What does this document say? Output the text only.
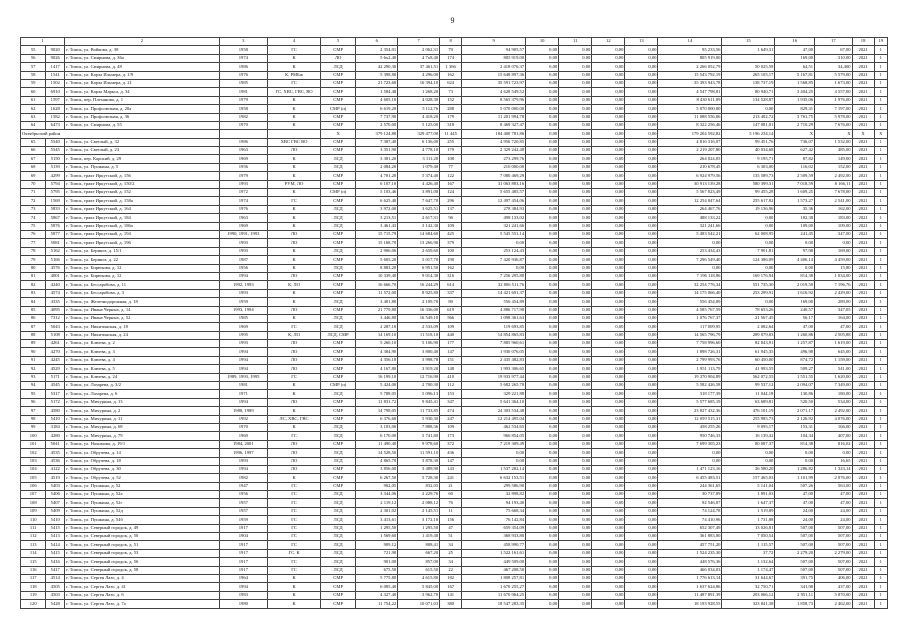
9
1		2	3	4	5	6	7	8	9	10	11	12	13	14	15	16	17	18	19
55	9020	г. Томск, ул. Войкова, д. 38	1958	ГС	СМР	2 354,01	2 062,31	79	94 905,57	0,00	0,00	0,00	0,00	95 233,56	1 649,31	47,00	67,00	2021	1
56	9026	г. Томск, ул. Смирнова, д. 36а	1974	К	ЛО	5 6х2,40	4 7х8,40	174	805 919,00	0,00	0,00	0,00	0,00	805 919,00		169,00	310,00	2021	1
57	1417	г. Томск, ул. Смирнова, д. 48	1986	К	ЛСД	42 290,30	37 461,51	1 366	2 418 076,37	0,00	0,00	0,00	0,00	2 266 052,79	50 025,58	64,51	34,400	2021	1
58	1541	г. Томск, ул. Карла Ильмера, д. 1/9	1976	К, РМБж	СМР	5 398,80	4 296,00	162	15 648 897,36	0,00	0,00	0,00	0,00	15 543 792,19	265 105,17	5 167,81	5 579,00	2021	1
59	1502	г. Томск, ул. Карла Ильмера, д. 21	1985	ГС	СМР	21 723,60	16 394,10	624	35 591 723,97	0,00	0,00	0,00	0,00	35 393 943,78	138 737,19	1 568,85	1 673,00	2021	1
60	6910	г. Томск, ул. Карла Маркса, д. 34	1981	ГС, ХВС, ГВС, ВО	СМР	1 584,48	1 268,20	73	4 628 549,52	0,00	0,00	0,00	0,00	4 547 798,81	80 940,71	3 404,25	4 557,00	2021	1
61	1597	г. Томск, пер. Плеханова, д. 1	1979	К	СМР	4 605,10	4 028,30	152	8 565 379,96	0,00	0,00	0,00	0,00	8 430 611,09	134 528,87	1 935,06	1 976,00	2021	1
62	1628	г. Томск, ул. Профсоюзная, д. 20а	1958	К	СМР (п)	6 619,20	5 112,76	288	5 070 000,00	0,00	0,00	0,00	0,00	5 070 000,00	0,00	829,31	7 197,00	2021	1
63	1582	г. Томск, ул. Профсоюзная, д. 36	1982	К	СМР	7 737,90	4 418,20	179	11 201 994,78	0,00	0,00	0,00	0,00	11 088 556,06	213 402,72	3 761,75	5 978,00	2021	1
64	6473	г. Томск, ул. Смирнова, д. 55	1970	К	СМР	2 570,00	5 125,00	318	8 469 327,47	0,00	0,00	0,00	0,00	8 322 256,46	147 081,01	2 710,29	7 676,00	2021	1
Октябрьский район					Х	379 124,80	329 477,00	11 445	184 400 781,86	0,00	0,00	0,00	0,00	179 204 592,82	5 196 234,14	X	X	X	X
65	5540	г. Томск, ул. Светлый, д. 32	1986	ХВС ГВС ВО	СМР	7 387,40	6 136,00	255	4 956 720,85	0,00	0,00	0,00	0,00	4 816 316,07	99 451,76	736,07	1 532,00	2021	1
66	5545	г. Томск, ул. Светлый, д. 23	1963	ЛО	СМР	3 351,90	4 778,10	179	2 329 242,48	0,00	0,00	0,00	0,00	2 219 207,80	40 034,68	627,42	485,00	2021	1
67	5150	г. Томск, пер. Карский, д. 29	1969	К	ЛСД	3 381,20	3 111,20	108	273 299,76	0,00	0,00	0,00	0,00	264 024,05	9 195,71	87,82	149,00	2021	1
68	5139	г. Томск, ул. Пушкина, д. 5	1956	К	ЛСД	2 084,20	1 079,40	77	210 000,00	0,00	0,00	0,00	0,00	210 678,45	6 303,00	116,02	152,00	2021	1
69	4299	г. Томск, тракт Иркутский, д. 156	1979	К	СМР	4 701,20	5 374,40	122	7 080 469,29	0,00	0,00	0,00	0,00	6 924 979,56	135 589,73	2 509,59	2 492,00	2021	1
70	5794	г. Томск, тракт Иркутский, д. 150/2	1993	РУМ, ЛО	СМР	6 107,10	4 426,40	167	31 063 883,16	0,00	0,00	0,00	0,00	30 913 139,28	580 399,31	7 018,59	8 166,11	2021	1
71	5795	г. Томск, тракт Иркутский, д. 152	1972	К	СМР (п)	5 103,46	3 891,00	124	5 655 485,57	0,00	0,00	0,00	0,00	5 567 823,49	99 455,28	1 609,25	7 678,00	2021	1
72	1569	г. Томск, тракт Иркутский, д. 158а	1974	ГС	СМР	6 625,40	7 647,70	296	12 497 454,06	0,00	0,00	0,00	0,00	12 254 847,64	255 617,82	1 573,27	2 541,00	2021	1
73	5833	г. Томск, тракт Иркутский, д. 164	1976	К	ЛСД	3 972,00	3 625,51	137	278 384,93	0,00	0,00	0,00	0,00	264 467,76	19 136,96	35,36	162,00	2021	1
74	5867	г. Томск, тракт Иркутский, д. 184	1963	К	ЛСД	3 213,51	2 617,31	96	498 133,02	0,00	0,00	0,00	0,00	488 133,22	0,00	182,38	183,00	2021	1
75	5876	г. Томск, тракт Иркутский, д. 186а	1969	К	ЛСД	3 461,43	3 142,30	109	321 241,66	0,00	0,00	0,00	0,00	321 241,66	0,00	109,00	109,00	2021	1
76	5877	г. Томск, тракт Иркутский, д. 194	1990, 1991, 1993	ЛО	СМР	15 715,79	14 684,60	425	5 545 551,14	0,00	0,00	0,00	0,00	5 483 542,21	62 008,95	241,45	347,00	2021	1
77	5081	г. Томск, тракт Иркутский, д. 196	1993	ЛО	СМР	15 168,70	13 266,90	379	0,00	0,00	0,00	0,00	0,00	0,00	0,00	0,00	0,00	2021	1
78	5162	г. Томск, ул. Беринга, д. 15/1	1993	К	ЛСД	2 906,06	2 659,60	100	253 124,43	0,00	0,00	0,00	0,00	253 434,43	7 901,81	97,98	169,00	2021	1
79	5166	г. Томск, ул. Беринга, д. 22	1987	К	СМР	5 605,20	5 017,70	190	7 420 936,87	0,00	0,00	0,00	0,00	7 296 549,40	124 386,09	4 406,14	4 459,00	2021	1
80	4576	г. Томск, ул. Бирюкова, д. 12	1956	К	ЛСД	8 883,20	6 951,50	162	0,00	0,00	0,00	0,00	0,00	0,00	0,00	0,00	15,80	2021	1
81	4001	г. Томск, ул. Бирюкова, д. 12	1994	ЛО	СМР	10 339,40	9 014,30	316	7 256 295,80	0,00	0,00	0,00	0,00	7 196 118,86	169 176,94	814,38	1 034,00	2021	1
82	4240	г. Томск, ул. Бессарабова, д. 11	1992, 1993	К, ЛО	СМР	16 666,70	16 244,29	614	32 806 511,76	0,00	0,00	0,00	0,00	32 254 776,34	551 735,30	2 019,50	7 196,76	2021	1
83	4574	г. Томск, ул. Бессарабова, д. 3	1993	К	СМР	11 572,00	8 925,80	337	14 421 691,37	0,00	0,00	0,00	0,00	14 175 066,40	253 299,91	1 616,92	2 429,00	2021	1
84	4335	г. Томск, ул. Железнодорожная, д. 18	1959	К	ЛСД	3 401,80	2 109,70	80	556 454,89	0,00	0,00	0,00	0,00	556 454,89	0,00	169,00	289,00	2021	1
85	4095	г. Томск, ул. Ивана Черных, д. 14	1993, 1994	ЛО	СМР	21 779,80	16 336,00	619	4 886 717,98	0,00	0,00	0,00	0,00	4 585 767,59	78 653,26	240,57	347,05	2021	1
86	7312	г. Томск, ул. Ивана Черных, д. 52	1985	К	ЛСД	3 446,80	16 549,10	566	1 098 361,63	0,00	0,00	0,00	0,00	1 076 767,37	21 567,45	56,17	164,00	2021	1
87	5043	г. Томск, ул. Никитинская, д. 18	1969	ГС	ЛСД	2 287,10	2 533,09	109	119 693,85	0,00	0,00	0,00	0,00	117 009,95	2 082,64	47,00	47,00	2021	1
88	5108	г. Томск, ул. Никитинская, д. 24	1995	К, ЛО	ЛСД, СМР	14 169,10	11 518,10	440	14 854 865,83	0,00	0,00	0,00	0,00	14 565 796,79	289 079,83	1 260,86	2 505,88	2021	1
89	4261	г. Томск, ул. Клюева, д. 2	1993	ЛО	СМР	5 260,10	5 106,90	177	7 885 960,61	0,00	0,00	0,00	0,00	7 758 996,60	82 843,91	1 257,87	1 619,00	2021	1
90	4270	г. Томск, ул. Клюева, д. 3	1994	ЛО	СМР	4 304,90	3 800,40	147	1 930 076,05	0,00	0,00	0,00	0,00	1 898 726,31	61 945,35	496,98	645,00	2021	1
91	4245	г. Томск, ул. Клюева, д. 4	1994	ЛО	СМР	4 356,18	3 998,78	151	2 435 482,83	0,00	0,00	0,00	0,00	2 799 993,76	60 450,00	874,72	1 159,00	2021	1
92	4529	г. Томск, ул. Клюева, д. 5	1994	ЛО	СМР	4 167,80	3 919,20	148	1 993 306,65	0,00	0,00	0,00	0,00	1 951 113,79	41 993,55	509,27	541,00	2021	1
93	5171	г. Томск, ул. Клюева, д. 24	1989, 1993, 1995	ГС	СМР	16 199,10	12 716,90	410	19 933 977,44	0,00	0,00	0,00	0,00	19 370 904,89	562 072,55	1 551,55	1 620,00	2021	1
94	4545	г. Томск, ул. Лазарева, д. 3/2	1981	К	СМР (п)	5 424,00	2 700,30	112	5 682 265,70	0,00	0,00	0,00	0,00	5 582 426,58	99 537,12	2 094,07	7 349,00	2021	1
95	5317	г. Томск, ул. Лазарева, д. 6	1971	К	ЛСД	5 788,05	5 096,13	153	329 221,88	0,00	0,00	0,00	0,00	318 177,39	11 044,18	130,86	180,00	2021	1
96	5172	г. Томск, ул. Мичурина, д. 13	1994	ЛО	СМР	11 831,72	9 845,41	347	5 641 364,10	0,00	0,00	0,00	0,00	5 577 685,19	63 689,81	520,50	534,00	2021	1
97	4580	г. Томск, ул. Мичурина, д. 2	1988, 1989	К	СМР	14 798,05	11 733,85	474	24 303 534,48	0,00	0,00	0,00	0,00	23 827 432,36	476 101,19	2 071,17	2 492,00	2021	1
98	5410	г. Томск, ул. Мичурина, д. 11	1992	ЛС, ХВС, ГВС	СМР	6 376,60	5 930,30	247	12 214 495,04	0,00	0,00	0,00	0,00	12 059 515,31	255 985,73	2 126,92	4 076,00	2021	1
99	3184	г. Томск, ул. Мичурина, д. 68	1970	К	ЛСД	3 103,00	7 888,36	109	462 534,65	0,00	0,00	0,00	0,00	458 255,26	9 095,17	153,31	166,00	2021	1
100	4280	г. Томск, ул. Мичурина, д. 79	1969	ГС	ЛСД	6 170,00	5 741,80	173	966 854,05	0,00	0,00	0,00	0,00	950 746,33	16 139,42	104,34	407,00	2021	1
101	5041	г. Томск, ул. Нахимова, д. 19/1	1984, 2001	ЛО	СМР	11 490,40	9 978,60	372	7 219 309,49	0,00	0,00	0,00	0,00	7 699 305,23	80 087,37	814,38	816,02	2021	1
102	4535	г. Томск, ул. Обручева, д. 14	1996, 1997	ЛО	ЛСД	14 528,50	11 591,10	436	0,00	0,00	0,00	0,00	0,00	0,00	0,00	0,00	0,00	2021	1
103	4536	г. Томск, ул. Обручева, д. 18	1993	ЛО	ЛСД	4 865,70	3 878,30	147	0,00	0,00	0,00	0,00	0,00	0,00	0,00	0,00	16,65	2021	1
104	4122	г. Томск, ул. Обручева, д. 30	1994	ЛО	СМР	3 856,00	3 489,90	143	1 537 282,14	0,00	0,00	0,00	0,00	1 471 123,16	26 580,20	1 286,82	1 323,14	2021	1
105	4519	г. Томск, ул. Обручева, д. 52	1982	К	СМР	6 267,50	5 728,30	241	6 632 153,51	0,00	0,00	0,00	0,00	6 455 483,51	157 465,03	1 101,99	2 076,00	2021	1
106	5403	г. Томск, ул. Пушкина, д. 52	1947	ГС	СМР	902,05	832,05	21	299 586,90	0,00	0,00	0,00	0,00	244 361,65	5 141,04	507,26	563,00	2021	1
107	5406	г. Томск, ул. Пушкина, д. 52а	1956	ГС	ЛСД	3 344,06	2 229,76	60	32 898,82	0,00	0,00	0,00	0,00	30 737,09	1 891,03	47,00	47,00	2021	1
108	5407	г. Томск, ул. Пушкина, д. 52г	1957	ГС	ЛСД	2 119,12	2 088,12	76	94 193,40	0,00	0,00	0,00	0,00	92 546,07	1 647,37	47,00	47,00	2021	1
109	5409	г. Томск, ул. Пушкина, д. 52д	1957	ГС	ЛСД	2 301,02	2 145,51	11	75 668,34	0,00	0,00	0,00	0,00	74 124,78	1 519,89	24,00	24,00	2021	1
110	5410	г. Томск, ул. Пушкина, д. 54б	1959	ГС	ЛСД	3 413,61	3 172,10	156	76 142,84	0,00	0,00	0,00	0,00	74 410,96	1 731,88	24,00	24,00	2021	1
111	5415	г. Томск, ул. Северный городок, д. 49	1917	ГС	ЛСД	1 295,50	1 295,50	47	659 354,09	0,00	0,00	0,00	0,00	652 307,49	13 026,81	507,00	507,00	2021	1
112	5413	г. Томск, ул. Северный городок, д. 50	1904	ГС	ЛСД	1 569,60	1 419,40	51	368 933,80	0,00	0,00	0,00	0,00	361 883,80	7 050,54	507,00	507,00	2021	1
113	5414	г. Томск, ул. Северный городок, д. 51	1917	ГС	ЛСД	909,12	808,41	34	458 990,77	0,00	0,00	0,00	0,00	457 751,20	1 115,57	507,00	507,00	2021	1
114	5415	г. Томск, ул. Северный городок, д. 53	1917	ГС, К	ЛСД	721,90	667,20	25	1 522 161,61	0,00	0,00	0,00	0,00	1 524 235,30	37,72	2 279,20	2 279,00	2021	1
115	5416	г. Томск, ул. Северный городок, д. 56	1917	ГС	ЛСД	901,00	857,00	34	449 509,00	0,00	0,00	0,00	0,00	448 576,36	1 132,64	507,00	507,00	2021	1
116	5417	г. Томск, ул. Северный городок, д. 58	1917	ГС	ЛСД	675,50	615,50	22	467 208,50	0,00	0,00	0,00	0,00	466 034,03	1 174,47	507,00	507,00	2021	1
117	4514	г. Томск, ул. Сергея Лазо, д. 4	1964	К	СМР	5 775,80	4 615,80	182	1 808 257,81	0,00	0,00	0,00	0,00	1 776 613,14	31 644,67	391,75	406,00	2021	1
118	4505	г. Томск, ул. Сергея Лазо, д. 41	1994	К	СМР	6 085,40	5 845,00	167	1 670 255,27	0,00	0,00	0,00	0,00	1 637 624,86	32 750,71	341,98	437,00	2021	1
119	4503	г. Томск, ул. Сергея Лазо, д. 6	1983	К	СМР	4 327,40	3 962,70	141	11 670 964,25	0,00	0,00	0,00	0,00	11 487 891,39	203 066,12	2 951,11	5 870,00	2021	1
120	5428	г. Томск, ул. Сергея Лазо, д. 7а	1980	К	СМР	11 754,22	10 071,03	380	18 547 283,35	0,00	0,00	0,00	0,00	18 193 928,55	323 841,38	1 858,73	2 462,00	2021	1
